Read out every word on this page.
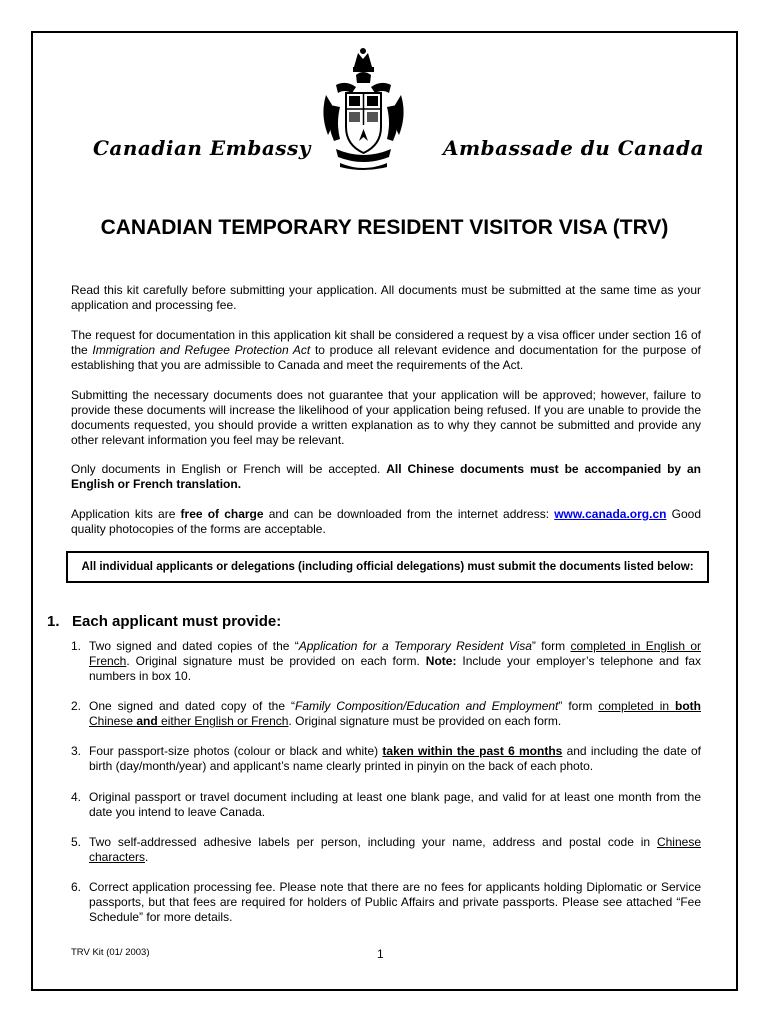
Canadian Embassy	Ambassade du Canada
CANADIAN TEMPORARY RESIDENT VISITOR VISA (TRV)
Read this kit carefully before submitting your application. All documents must be submitted at the same time as your application and processing fee.
The request for documentation in this application kit shall be considered a request by a visa officer under section 16 of the Immigration and Refugee Protection Act to produce all relevant evidence and documentation for the purpose of establishing that you are admissible to Canada and meet the requirements of the Act.
Submitting the necessary documents does not guarantee that your application will be approved; however, failure to provide these documents will increase the likelihood of your application being refused. If you are unable to provide the documents requested, you should provide a written explanation as to why they cannot be submitted and provide any other relevant information you feel may be relevant.
Only documents in English or French will be accepted. All Chinese documents must be accompanied by an English or French translation.
Application kits are free of charge and can be downloaded from the internet address: www.canada.org.cn Good quality photocopies of the forms are acceptable.
All individual applicants or delegations (including official delegations) must submit the documents listed below:
1.   Each applicant must provide:
1. Two signed and dated copies of the “Application for a Temporary Resident Visa” form completed in English or French. Original signature must be provided on each form. Note: Include your employer’s telephone and fax numbers in box 10.
2. One signed and dated copy of the “Family Composition/Education and Employment” form completed in both Chinese and either English or French. Original signature must be provided on each form.
3. Four passport-size photos (colour or black and white) taken within the past 6 months and including the date of birth (day/month/year) and applicant’s name clearly printed in pinyin on the back of each photo.
4. Original passport or travel document including at least one blank page, and valid for at least one month from the date you intend to leave Canada.
5. Two self-addressed adhesive labels per person, including your name, address and postal code in Chinese characters.
6. Correct application processing fee. Please note that there are no fees for applicants holding Diplomatic or Service passports, but that fees are required for holders of Public Affairs and private passports. Please see attached “Fee Schedule” for more details.
TRV Kit (01/ 2003)	1
